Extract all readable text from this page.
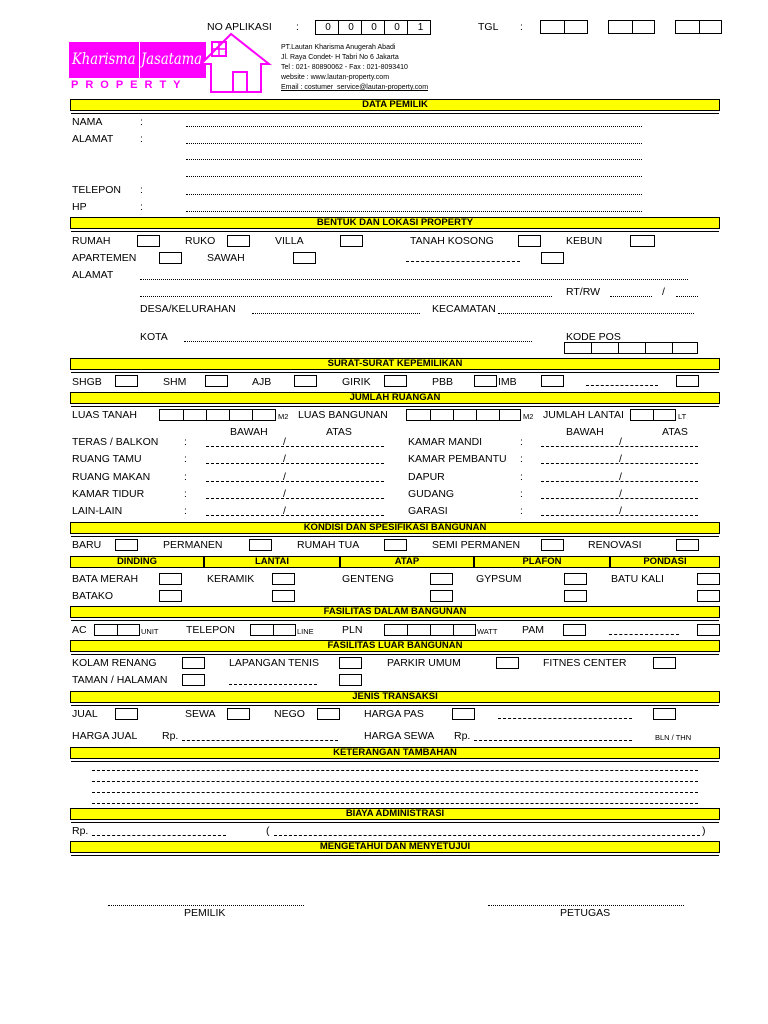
NO APLIKASI :	0	0	0	0	1	TGL :
Kharisma Jasatama
PROPERTY
PT.Lautan Kharisma Anugerah Abadi
Jl. Raya Condet- H Tabri No 6 Jakarta
Tel : 021- 80890062 - Fax : 021-8093410
website : www.lautan-property.com
Email : costumer_service@lautan-property.com
DATA PEMILIK
NAMA	:
ALAMAT	:
TELEPON :
HP	:
BENTUK DAN LOKASI PROPERTY
RUMAH	RUKO	VILLA	TANAH KOSONG	KEBUN
APARTEMEN	SAWAH
ALAMAT
RT/RW	/
DESA/KELURAHAN	KECAMATAN
KOTA	KODE POS
SURAT-SURAT KEPEMILIKAN
SHGB	SHM	AJB	GIRIK	PBB	IMB
JUMLAH RUANGAN
LUAS TANAH	M2 LUAS BANGUNAN	M2 JUMLAH LANTAI	LT
BAWAH	ATAS	BAWAH	ATAS
TERAS / BALKON :	/	KAMAR MANDI	:	/
RUANG TAMU	:	/	KAMAR PEMBANTU :	/
RUANG MAKAN	:	/	DAPUR	:	/
KAMAR TIDUR	:	/	GUDANG	:	/
LAIN-LAIN	:	/	GARASI	:	/
KONDISI DAN SPESIFIKASI BANGUNAN
BARU	PERMANEN	RUMAH TUA	SEMI PERMANEN	RENOVASI
DINDING	LANTAI	ATAP	PLAFON	PONDASI
BATA MERAH	KERAMIK	GENTENG	GYPSUM	BATU KALI
BATAKO
FASILITAS DALAM BANGUNAN
AC	UNIT	TELEPON	LINE	PLN	WATT PAM
FASILITAS LUAR BANGUNAN
KOLAM RENANG	LAPANGAN TENIS	PARKIR UMUM	FITNES CENTER
TAMAN / HALAMAN
JENIS TRANSAKSI
JUAL	SEWA	NEGO	HARGA PAS
HARGA JUAL Rp.	HARGA SEWA Rp.	BLN / THN
KETERANGAN TAMBAHAN
BIAYA ADMINISTRASI
Rp.	(	)
MENGETAHUI DAN MENYETUJUI
PEMILIK	PETUGAS
